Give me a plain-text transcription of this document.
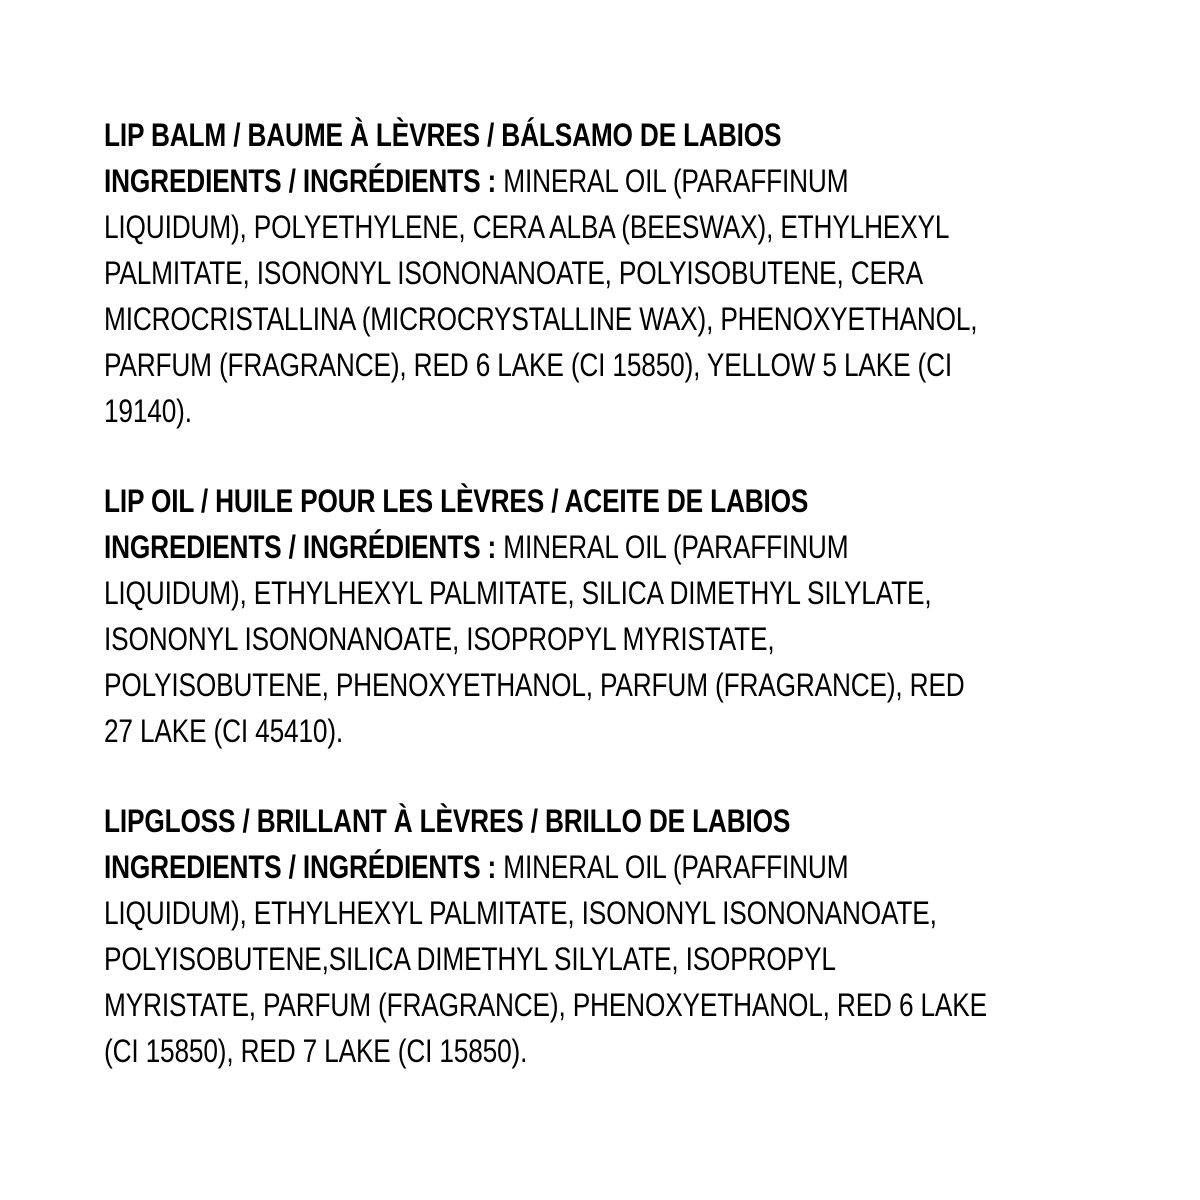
LIP BALM / BAUME À LÈVRES / BÁLSAMO DE LABIOS
INGREDIENTS / INGRÉDIENTS : MINERAL OIL (PARAFFINUM
LIQUIDUM), POLYETHYLENE, CERA ALBA (BEESWAX), ETHYLHEXYL
PALMITATE, ISONONYL ISONONANOATE, POLYISOBUTENE, CERA
MICROCRISTALLINA (MICROCRYSTALLINE WAX), PHENOXYETHANOL,
PARFUM (FRAGRANCE), RED 6 LAKE (CI 15850), YELLOW 5 LAKE (CI
19140).
LIP OIL / HUILE POUR LES LÈVRES / ACEITE DE LABIOS
INGREDIENTS / INGRÉDIENTS : MINERAL OIL (PARAFFINUM
LIQUIDUM), ETHYLHEXYL PALMITATE, SILICA DIMETHYL SILYLATE,
ISONONYL ISONONANOATE, ISOPROPYL MYRISTATE,
POLYISOBUTENE, PHENOXYETHANOL, PARFUM (FRAGRANCE), RED
27 LAKE (CI 45410).
LIPGLOSS / BRILLANT À LÈVRES / BRILLO DE LABIOS
INGREDIENTS / INGRÉDIENTS : MINERAL OIL (PARAFFINUM
LIQUIDUM), ETHYLHEXYL PALMITATE, ISONONYL ISONONANOATE,
POLYISOBUTENE,SILICA DIMETHYL SILYLATE, ISOPROPYL
MYRISTATE, PARFUM (FRAGRANCE), PHENOXYETHANOL, RED 6 LAKE
(CI 15850), RED 7 LAKE (CI 15850).
